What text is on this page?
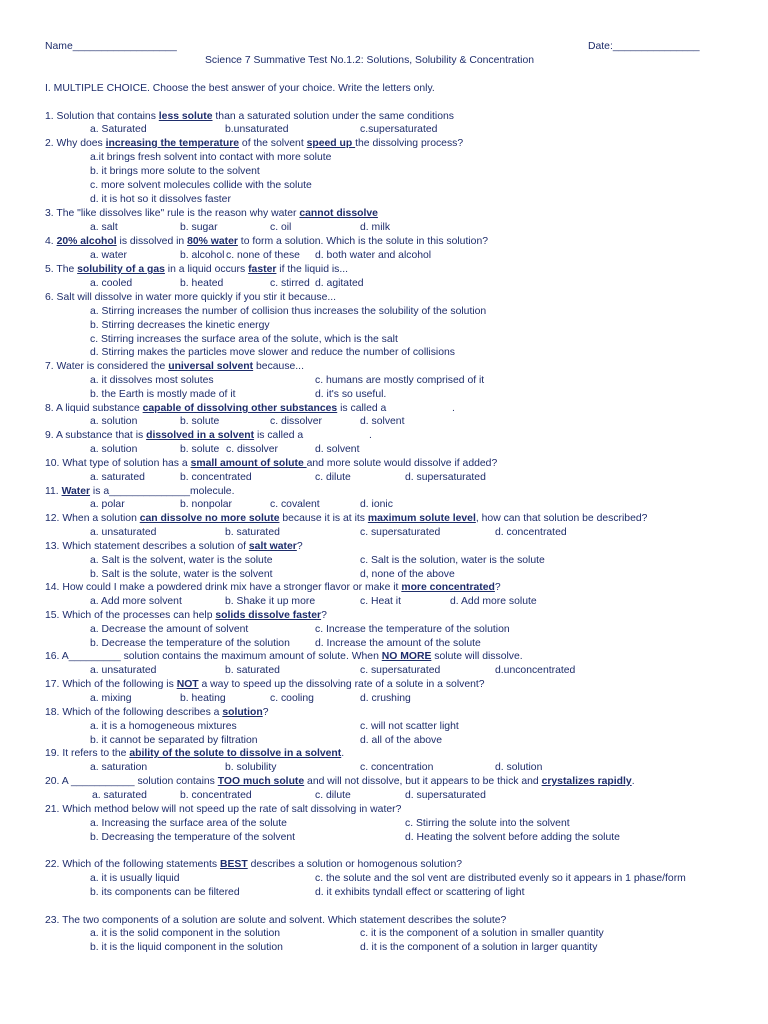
Name__________________	Date:_______________
Science 7 Summative Test No.1.2: Solutions, Solubility & Concentration
I. MULTIPLE CHOICE. Choose the best answer of your choice. Write the letters only.
1. Solution that contains less solute than a saturated solution under the same conditions
a. Saturated	b.unsaturated	c.supersaturated
2. Why does increasing the temperature of the solvent speed up the dissolving process?
a.it brings fresh solvent into contact with more solute
b. it brings more solute to the solvent
c. more solvent molecules collide with the solute
d. it is hot so it dissolves faster
3. The "like dissolves like" rule is the reason why water cannot dissolve
a. salt	b. sugar	c. oil	d. milk
4. 20% alcohol is dissolved in 80% water to form a solution. Which is the solute in this solution?
a. water	b. alcohol c. none of these d. both water and alcohol
5. The solubility of a gas in a liquid occurs faster if the liquid is...
a. cooled	b. heated	c. stirred d. agitated
6. Salt will dissolve in water more quickly if you stir it because...
a. Stirring increases the number of collision thus increases the solubility of the solution
b. Stirring decreases the kinetic energy
c. Stirring increases the surface area of the solute, which is the salt
d. Stirring makes the particles move slower and reduce the number of collisions
7. Water is considered the universal solvent because...
a. it dissolves most solutes	c. humans are mostly comprised of it
b. the Earth is mostly made of it	d. it's so useful.
8. A liquid substance capable of dissolving other substances is called a	.
a. solution	b. solute	c. dissolver	d. solvent
9. A substance that is dissolved in a solvent is called a	.
a. solution	b. solute c. dissolver	d. solvent
10. What type of solution has a small amount of solute and more solute would dissolve if added?
a. saturated	b. concentrated	c. dilute	d. supersaturated
11. Water is a______________molecule.
a. polar	b. nonpolar	c. covalent	d. ionic
12. When a solution can dissolve no more solute because it is at its maximum solute level, how can that solution be described?
a. unsaturated	b. saturated	c. supersaturated	d. concentrated
13. Which statement describes a solution of salt water?
a. Salt is the solvent, water is the solute	c. Salt is the solution, water is the solute
b. Salt is the solute, water is the solvent	d, none of the above
14. How could I make a powdered drink mix have a stronger flavor or make it more concentrated?
a. Add more solvent	b. Shake it up more	c. Heat it	d. Add more solute
15. Which of the processes can help solids dissolve faster?
a. Decrease the amount of solvent	c. Increase the temperature of the solution
b. Decrease the temperature of the solution d. Increase the amount of the solute
16. A_________ solution contains the maximum amount of solute. When NO MORE solute will dissolve.
a. unsaturated	b. saturated	c. supersaturated	d.unconcentrated
17. Which of the following is NOT a way to speed up the dissolving rate of a solute in a solvent?
a. mixing	b. heating	c. cooling	d. crushing
18. Which of the following describes a solution?
a. it is a homogeneous mixtures	c. will not scatter light
b. it cannot be separated by filtration	d. all of the above
19. It refers to the ability of the solute to dissolve in a solvent.
a. saturation	b. solubility	c. concentration	d. solution
20. A ___________ solution contains TOO much solute and will not dissolve, but it appears to be thick and crystalizes rapidly.
a. saturated	b. concentrated	c. dilute	d. supersaturated
21. Which method below will not speed up the rate of salt dissolving in water?
a. Increasing the surface area of the solute	c. Stirring the solute into the solvent
b. Decreasing the temperature of the solvent	d. Heating the solvent before adding the solute
22. Which of the following statements BEST describes a solution or homogenous solution?
a. it is usually liquid	c. the solute and the sol vent are distributed evenly so it appears in 1 phase/form
b. its components can be filtered	d. it exhibits tyndall effect or scattering of light
23. The two components of a solution are solute and solvent. Which statement describes the solute?
a. it is the solid component in the solution	c. it is the component of a solution in smaller quantity
b. it is the liquid component in the solution	d. it is the component of a solution in larger quantity
